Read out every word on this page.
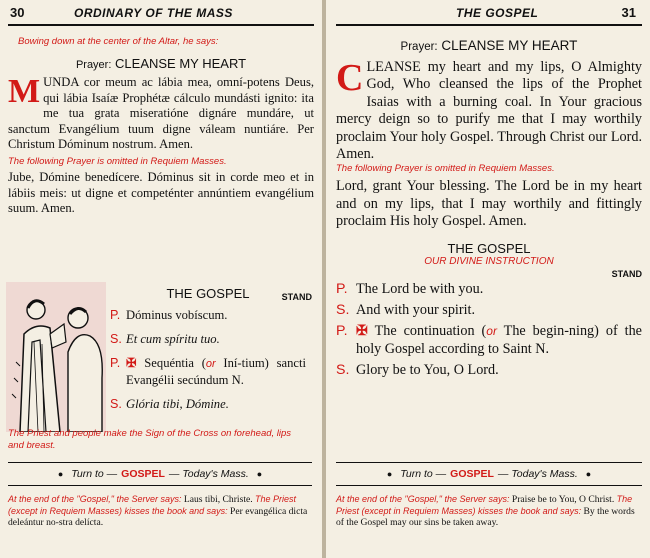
30	ORDINARY OF THE MASS
Bowing down at the center of the Altar, he says:
Prayer: CLEANSE MY HEART
MUNDA cor meum ac lábia mea, omní-potens Deus, qui lábia Isaíæ Prophétæ cálculo mundásti ignito: ita me tua grata miseratióne dignáre mundáre, ut sanctum Evangélium tuum digne váleam nuntiáre. Per Christum Dóminum nostrum. Amen.
The following Prayer is omitted in Requiem Masses.
Jube, Dómine benedícere. Dóminus sit in corde meo et in lábiis meis: ut digne et competénter annúntiem evangélium suum. Amen.
THE GOSPEL	STAND
P. Dóminus vobíscum.
S. Et cum spíritu tuo.
P. ✠ Sequéntia (or Iní-tium) sancti Evangélii secúndum N.
S. Glória tibi, Dómine.
The Priest and people make the Sign of the Cross on forehead, lips and breast.
● Turn to — GOSPEL — Today's Mass. ●
At the end of the "Gospel," the Server says: Laus tibi, Christe. The Priest (except in Requiem Masses) kisses the book and says: Per evangélica dicta deleántur no-stra delícta.
THE GOSPEL	31
Prayer: CLEANSE MY HEART
CLEANSE my heart and my lips, O Almighty God, Who cleansed the lips of the Prophet Isaias with a burning coal. In Your gracious mercy deign so to purify me that I may worthily proclaim Your holy Gospel. Through Christ our Lord. Amen.
The following Prayer is omitted in Requiem Masses.
Lord, grant Your blessing. The Lord be in my heart and on my lips, that I may worthily and fittingly proclaim His holy Gospel. Amen.
THE GOSPEL
OUR DIVINE INSTRUCTION
STAND
P. The Lord be with you.
S. And with your spirit.
P. ✠ The continuation (or The begin-ning) of the holy Gospel according to Saint N.
S. Glory be to You, O Lord.
● Turn to — GOSPEL — Today's Mass. ●
At the end of the "Gospel," the Server says: Praise be to You, O Christ. The Priest (except in Requiem Masses) kisses the book and says: By the words of the Gospel may our sins be taken away.
